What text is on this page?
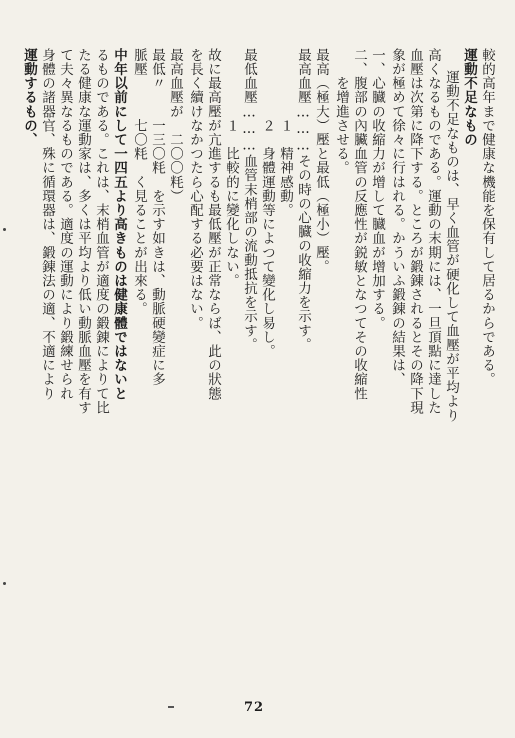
較的高年まで健康な機能を保有して居るからである。
運動不足なもの
運動不足なものは、早く血管が硬化して血壓が平均より
高くなるものである。運動の末期には、一旦頂點に達した
血壓は次第に降下する。ところが鍛錬されるとその降下現
象が極めて徐々に行はれる。かういふ鍛錬の結果は、
一、心臓の收縮力が增して臓血が增加する。
二、腹部の內臟血管の反應性が鋭敏となつてその收縮性
　　を增進させる。
最高（極大）壓と最低（極小）壓。
最高血壓………その時の心臓の收縮力を示す。
　　　　　１　精神感動。
　　　　　２　身體運動等によつて變化し易し。
最低血壓………血管末梢部の流動抵抗を示す。
　　　　　１　比較的に變化しない。
故に最高壓が亢進するも最低壓が正常ならば、此の狀態
を長く續けなかつたら心配する必要はない。
最高血壓が　二〇〇粍）
最低〃　　一三〇粍　を示す如きは、動脈硬變症に多
脈壓　　　七〇粍　く見ることが出來る。
中年以前にして一四五より高きものは健康體ではないと
るものである。これは、末梢血管が適度の鍛錬によりて比
たる健康な運動家は、多くは平均より低い動脈血壓を有す
て夫々異なるものである。適度の運動により鍛練せられ
身體の諸器官、殊に循環器は、鍛錬法の適、不適により
運動するもの、
72
